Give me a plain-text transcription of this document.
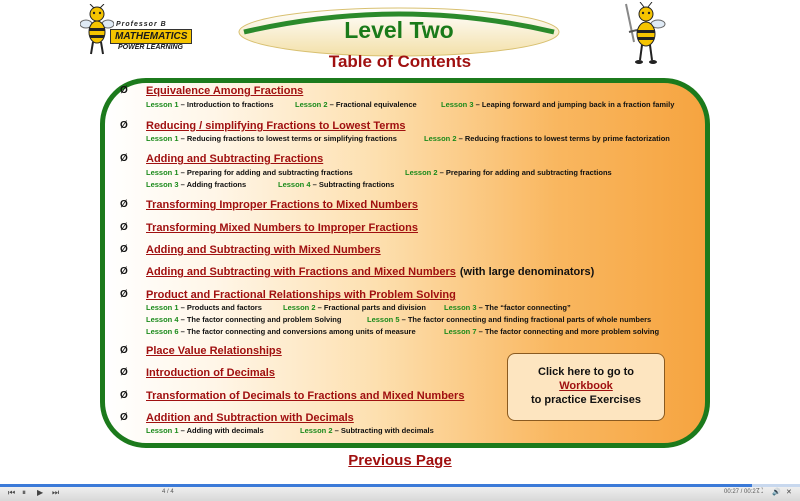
Professor B
MATHEMATICS
POWER LEARNING
Level Two
Table of Contents
Ø Equivalence Among Fractions
Lesson 1 – Introduction to fractions	Lesson 2 – Fractional equivalence	Lesson 3 – Leaping forward and jumping back in a fraction family
Ø Reducing / simplifying Fractions to Lowest Terms
Lesson 1 – Reducing fractions to lowest terms or simplifying fractions	Lesson 2 – Reducing fractions to lowest terms by prime factorization
Ø Adding and Subtracting Fractions
Lesson 1 – Preparing for adding and subtracting fractions	Lesson 2 – Preparing for adding and subtracting fractions
Lesson 3 – Adding fractions	Lesson 4 – Subtracting fractions
Ø Transforming Improper Fractions to Mixed Numbers
Ø Transforming Mixed Numbers to Improper Fractions
Ø Adding and Subtracting with Mixed Numbers
Ø Adding and Subtracting with Fractions and Mixed Numbers (with large denominators)
Ø Product and Fractional Relationships with Problem Solving
Lesson 1 – Products and factors	Lesson 2 – Fractional parts and division Lesson 3 – The “factor connecting”
Lesson 4 – The factor connecting and problem Solving	Lesson 5 – The factor connecting and finding fractional parts of whole numbers
Lesson 6 – The factor connecting and conversions among units of measure	Lesson 7 – The factor connecting and more problem solving
Ø Place Value Relationships
Ø Introduction of Decimals
Ø Transformation of Decimals to Fractions and Mixed Numbers
Ø Addition and Subtraction with Decimals
Lesson 1 – Adding with decimals	Lesson 2 – Subtracting with decimals
Click here to go to
Workbook
to practice Exercises
Previous Page
⏮ ⏸ ▶ ⏭	4 / 4	00:27 / 00:27
⛶ 🔊 ✕
